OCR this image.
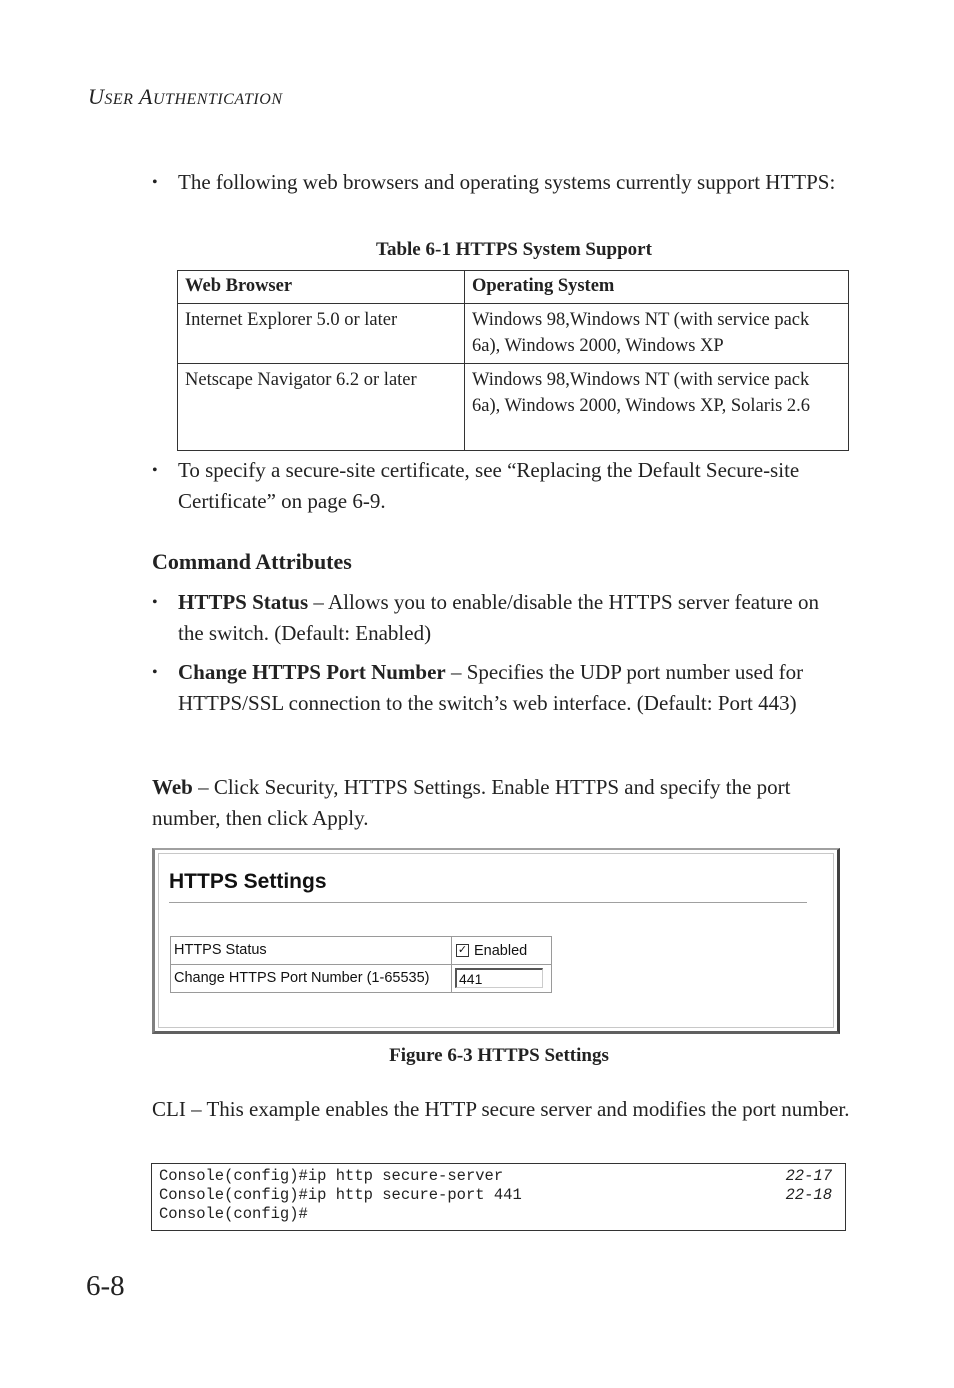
USER AUTHENTICATION
• The following web browsers and operating systems currently support HTTPS:
Table 6-1 HTTPS System Support
Web Browser	Operating System
Internet Explorer 5.0 or later	Windows 98,Windows NT (with service pack 6a), Windows 2000, Windows XP
Netscape Navigator 6.2 or later	Windows 98,Windows NT (with service pack 6a), Windows 2000, Windows XP, Solaris 2.6
• To specify a secure-site certificate, see “Replacing the Default Secure-site Certificate” on page 6-9.
Command Attributes
• HTTPS Status – Allows you to enable/disable the HTTPS server feature on the switch. (Default: Enabled)
• Change HTTPS Port Number – Specifies the UDP port number used for HTTPS/SSL connection to the switch’s web interface. (Default: Port 443)
Web – Click Security, HTTPS Settings. Enable HTTPS and specify the port number, then click Apply.
HTTPS Settings
HTTPS Status	✓ Enabled
Change HTTPS Port Number (1-65535) 441
Figure 6-3 HTTPS Settings
CLI – This example enables the HTTP secure server and modifies the port number.
Console(config)#ip http secure-server	22-17
Console(config)#ip http secure-port 441	22-18
Console(config)#
6-8
